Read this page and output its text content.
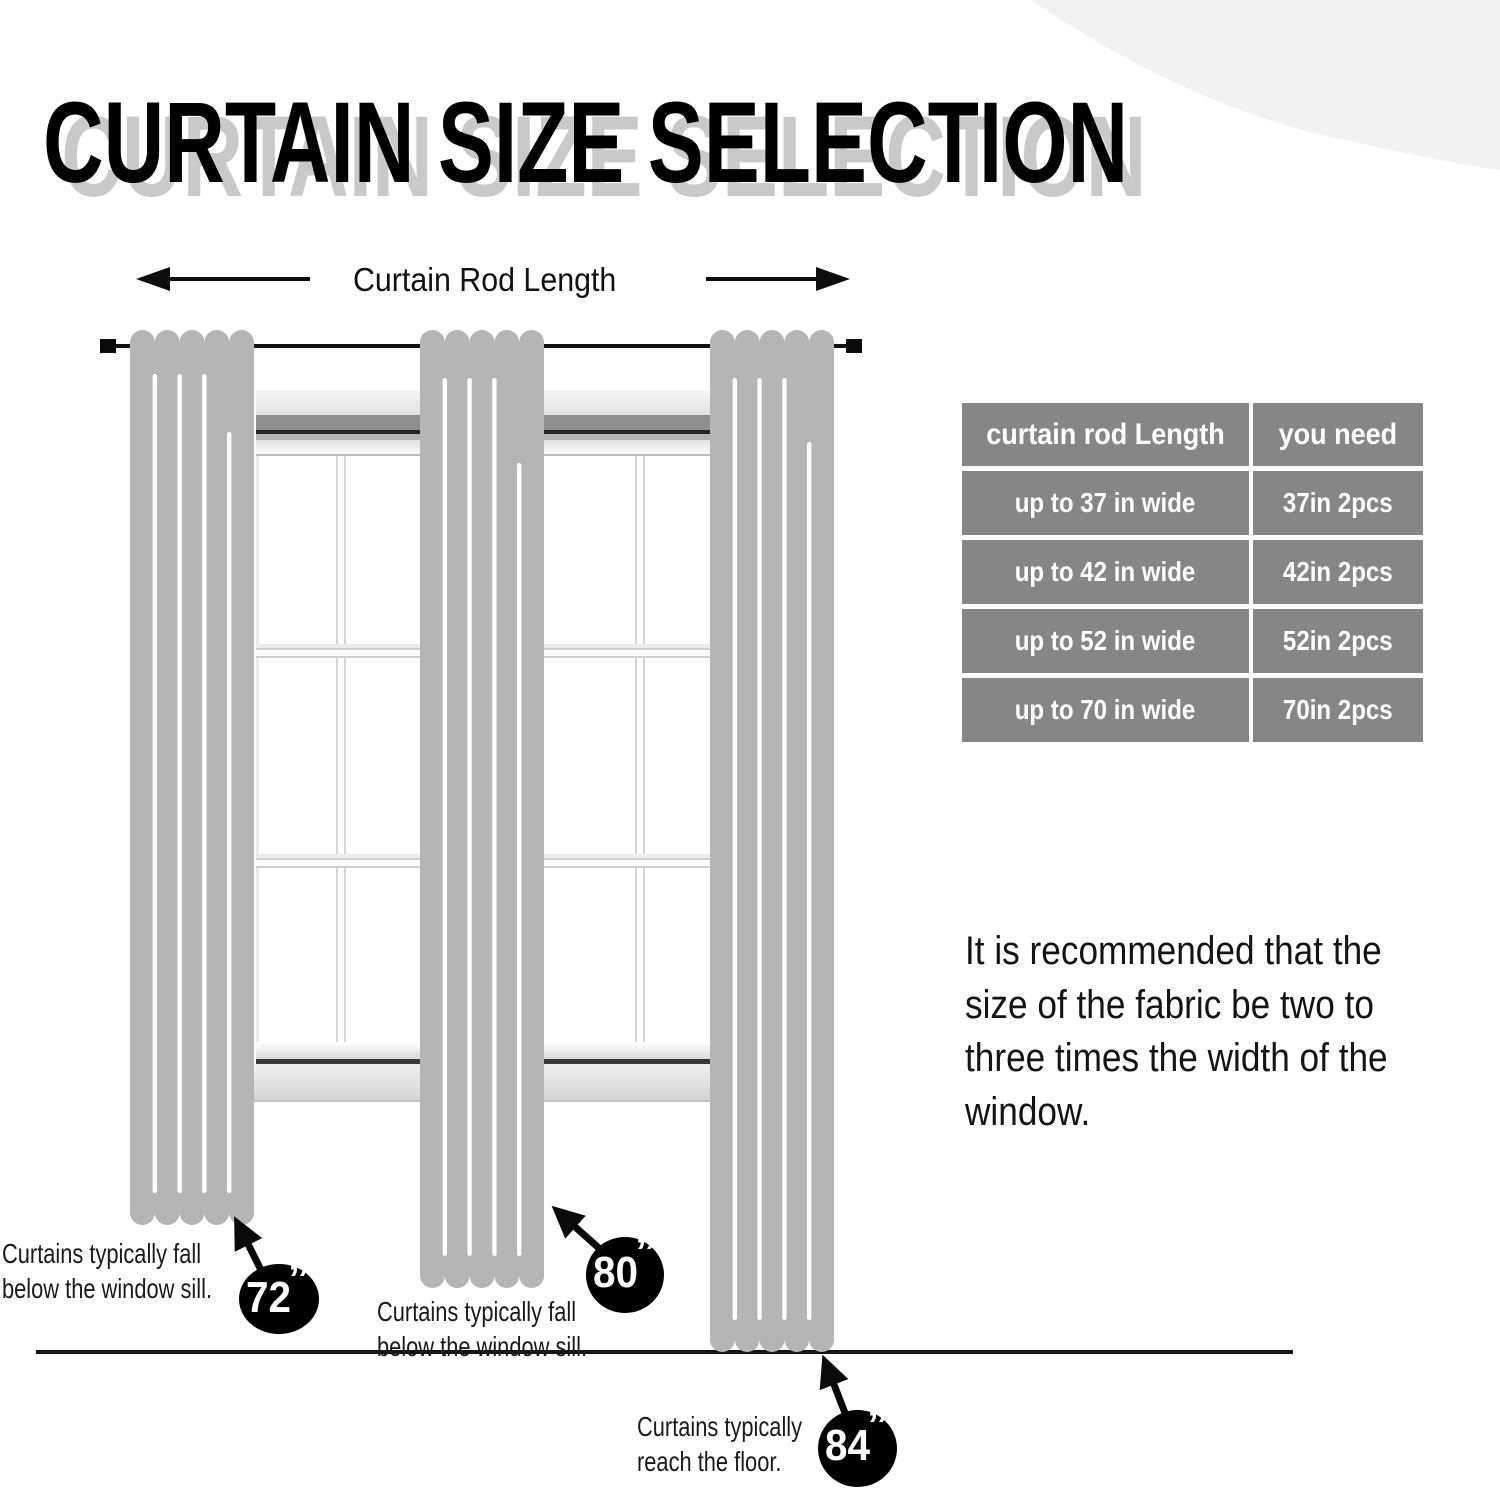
CURTAIN SIZE SELECTION
Curtain Rod Length
curtain rod Length you need
up to 37 in wide	37in 2pcs
up to 42 in wide	42in 2pcs
up to 52 in wide	52in 2pcs
up to 70 in wide	70in 2pcs
It is recommended that the
size of the fabric be two to
three times the width of the
window.
Curtains typically fall
below the window sill.
Curtains typically fall
below the window sill.
Curtains typically
reach the floor.
72
”	80
”
84
”
